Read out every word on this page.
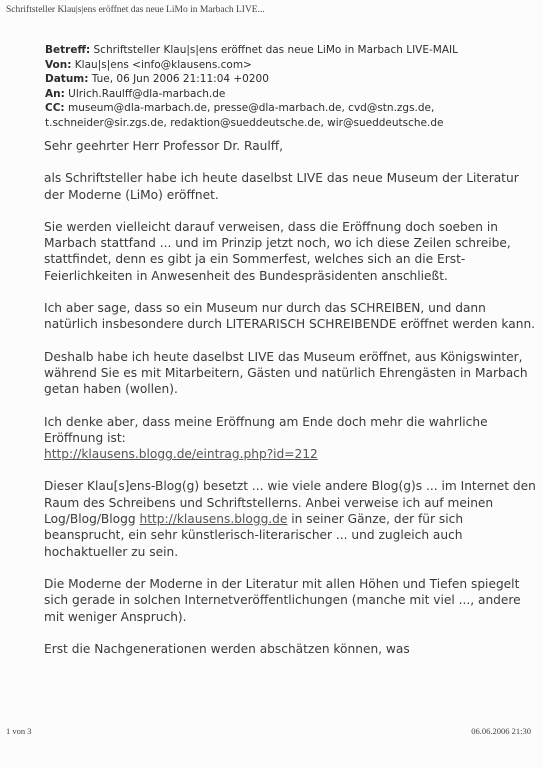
Schriftsteller Klau|s|ens eröffnet das neue LiMo in Marbach LIVE...
Betreff: Schriftsteller Klau|s|ens eröffnet das neue LiMo in Marbach LIVE-MAIL
Von: Klau|s|ens <info@klausens.com>
Datum: Tue, 06 Jun 2006 21:11:04 +0200
An: Ulrich.Raulff@dla-marbach.de
CC: museum@dla-marbach.de, presse@dla-marbach.de, cvd@stn.zgs.de,
t.schneider@sir.zgs.de, redaktion@sueddeutsche.de, wir@sueddeutsche.de

Sehr geehrter Herr Professor Dr. Raulff,

als Schriftsteller habe ich heute daselbst LIVE das neue Museum der Literatur der Moderne (LiMo) eröffnet.

Sie werden vielleicht darauf verweisen, dass die Eröffnung doch soeben in Marbach stattfand ... und im Prinzip jetzt noch, wo ich diese Zeilen schreibe, stattfindet, denn es gibt ja ein Sommerfest, welches sich an die Erst-Feierlichkeiten in Anwesenheit des Bundespräsidenten anschließt.

Ich aber sage, dass so ein Museum nur durch das SCHREIBEN, und dann natürlich insbesondere durch LITERARISCH SCHREIBENDE eröffnet werden kann.

Deshalb habe ich heute daselbst LIVE das Museum eröffnet, aus Königswinter, während Sie es mit Mitarbeitern, Gästen und natürlich Ehrengästen in Marbach getan haben (wollen).

Ich denke aber, dass meine Eröffnung am Ende doch mehr die wahrliche Eröffnung ist:
http://klausens.blogg.de/eintrag.php?id=212

Dieser Klau[s]ens-Blog(g) besetzt ... wie viele andere Blog(g)s ... im Internet den Raum des Schreibens und Schriftstellerns. Anbei verweise ich auf meinen Log/Blog/Blogg http://klausens.blogg.de in seiner Gänze, der für sich beansprucht, ein sehr künstlerisch-literarischer ... und zugleich auch hochaktueller zu sein.

Die Moderne der Moderne in der Literatur mit allen Höhen und Tiefen spiegelt sich gerade in solchen Internetveröffentlichungen (manche mit viel ..., andere mit weniger Anspruch).

Erst die Nachgenerationen werden abschätzen können, was

1 von 3	06.06.2006 21:30
